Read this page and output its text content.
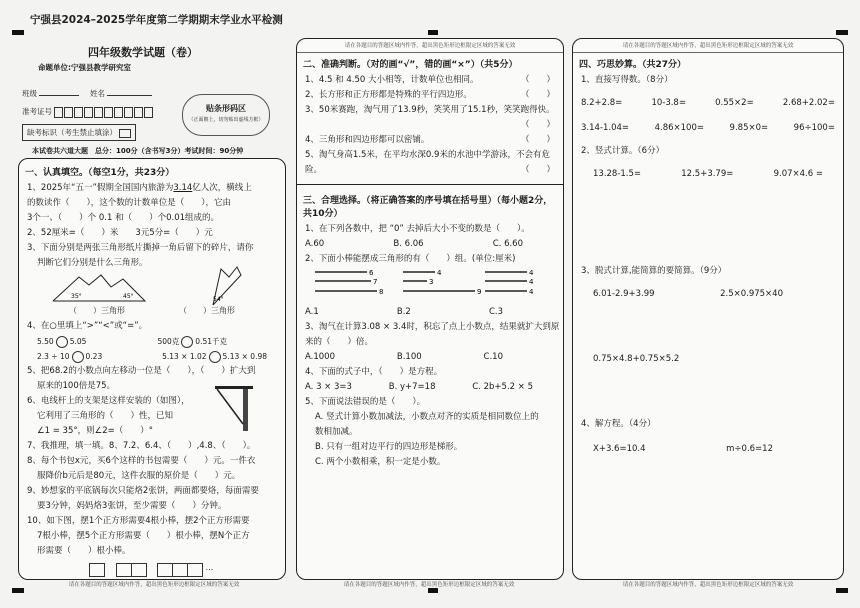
宁强县2024–2025学年度第二学期期末学业水平检测
四年级数学试题（卷）
命题单位:宁强县教学研究室
班级	姓名
准考证号
缺考标识（考生禁止填涂）
贴条形码区
（正面朝上，切勿贴出虚线方框）
本试卷共六道大题　总分：100分（含书写3分）考试时间：90分钟
一、认真填空。（每空1分，共23分）
1、2025年“五一”假期全国国内旅游为3.14亿人次，横线上
的数读作（　　），这个数的计数单位是（　　），它由
3个一、（　　）个 0.1 和（　　）个0.01组成的。
2、52厘米=（　　）米　　3元5分=（　　）元
3、下面分别是两张三角形纸片撕掉一角后留下的碎片，请你
判断它们分别是什么三角形。
35°	45°	54°
（　　）三角形	（　　）三角形
4、在○里填上“>”“<”或“=”。
5.50 5.05	500克 0.51千克
2.3 ÷ 10 0.23	5.13 × 1.02 5.13 × 0.98
5、把68.2的小数点向左移动一位是（　　），（　　）扩大到
原来的100倍是75。
6、电线杆上的支架是这样安装的（如图），
它利用了三角形的（　　）性，已知
∠1 = 35°，则∠2=（　　）°
7、我推理，填一填。8、7.2、6.4、（　　）,4.8、（　　）。
8、每个书包x元，买6个这样的书包需要（　　）元。一件衣
服降价b元后是80元，这件衣服的原价是（　　）元。
9、妙想家的平底锅每次只能烙2张饼，两面都要烙，每面需要
要3分钟，妈妈烙3张饼，至少需要（　　）分钟。
10、如下图，摆1个正方形需要4根小棒，摆2个正方形需要
7根小棒，摆5个正方形需要（　　）根小棒，摆N个正方
形需要（　　）根小棒。
···
请在各题目的答题区域内作答，超出黑色矩形边框限定区域的答案无效
请在各题目的答题区域内作答，超出黑色矩形边框限定区域的答案无效
二、准确判断。（对的画“√”，错的画“×”）（共5分）
1、4.5 和 4.50 大小相等，计数单位也相同。	（　　）
2、长方形和正方形都是特殊的平行四边形。	（　　）
3、50米赛跑，淘气用了13.9秒，笑笑用了15.1秒，笑笑跑得快。
（　　）
4、三角形和四边形都可以密铺。	（　　）
5、淘气身高1.5米，在平均水深0.9米的水池中学游泳，不会有危
险。	（　　）
三、合理选择。（将正确答案的序号填在括号里）（每小题2分，
共10分）
1、在下列各数中，把 “0” 去掉后大小不变的数是（　　）。
A.60	B. 6.06	C. 6.60
2、下面小棒能摆成三角形的有（　　）组。(单位:厘米)
6
7
8
4
3
9
4
4
4
A.1	B.2	C.3
3、淘气在计算3.08 × 3.4时，积忘了点上小数点，结果就扩大到原
来的（　　）倍。
A.1000	B.100	C.10
4、下面的式子中，（　　）是方程。
A. 3 × 3=3	B. y+7=18	C. 2b+5.2 × 5
5、下面说法错误的是（　　）。
A. 竖式计算小数加减法，小数点对齐的实质是相同数位上的
数相加减。
B. 只有一组对边平行的四边形是梯形。
C. 两个小数相乘，积一定是小数。
请在各题目的答题区域内作答，超出黑色矩形边框限定区域的答案无效
请在各题目的答题区域内作答，超出黑色矩形边框限定区域的答案无效
四、巧思妙算。（共27分）
1、直接写得数。（8分）
8.2+2.8=	10-3.8=	0.55×2=	2.68+2.02=
3.14-1.04=	4.86×100=	9.85×0=	96÷100=
2、竖式计算。（6分）
13.28-1.5=	12.5+3.79=	9.07×4.6 =
3、脱式计算,能简算的要简算。（9分）
6.01-2.9+3.99	2.5×0.975×40
0.75×4.8+0.75×5.2
4、解方程。（4分）
X+3.6=10.4	m÷0.6=12
请在各题目的答题区域内作答，超出黑色矩形边框限定区域的答案无效
